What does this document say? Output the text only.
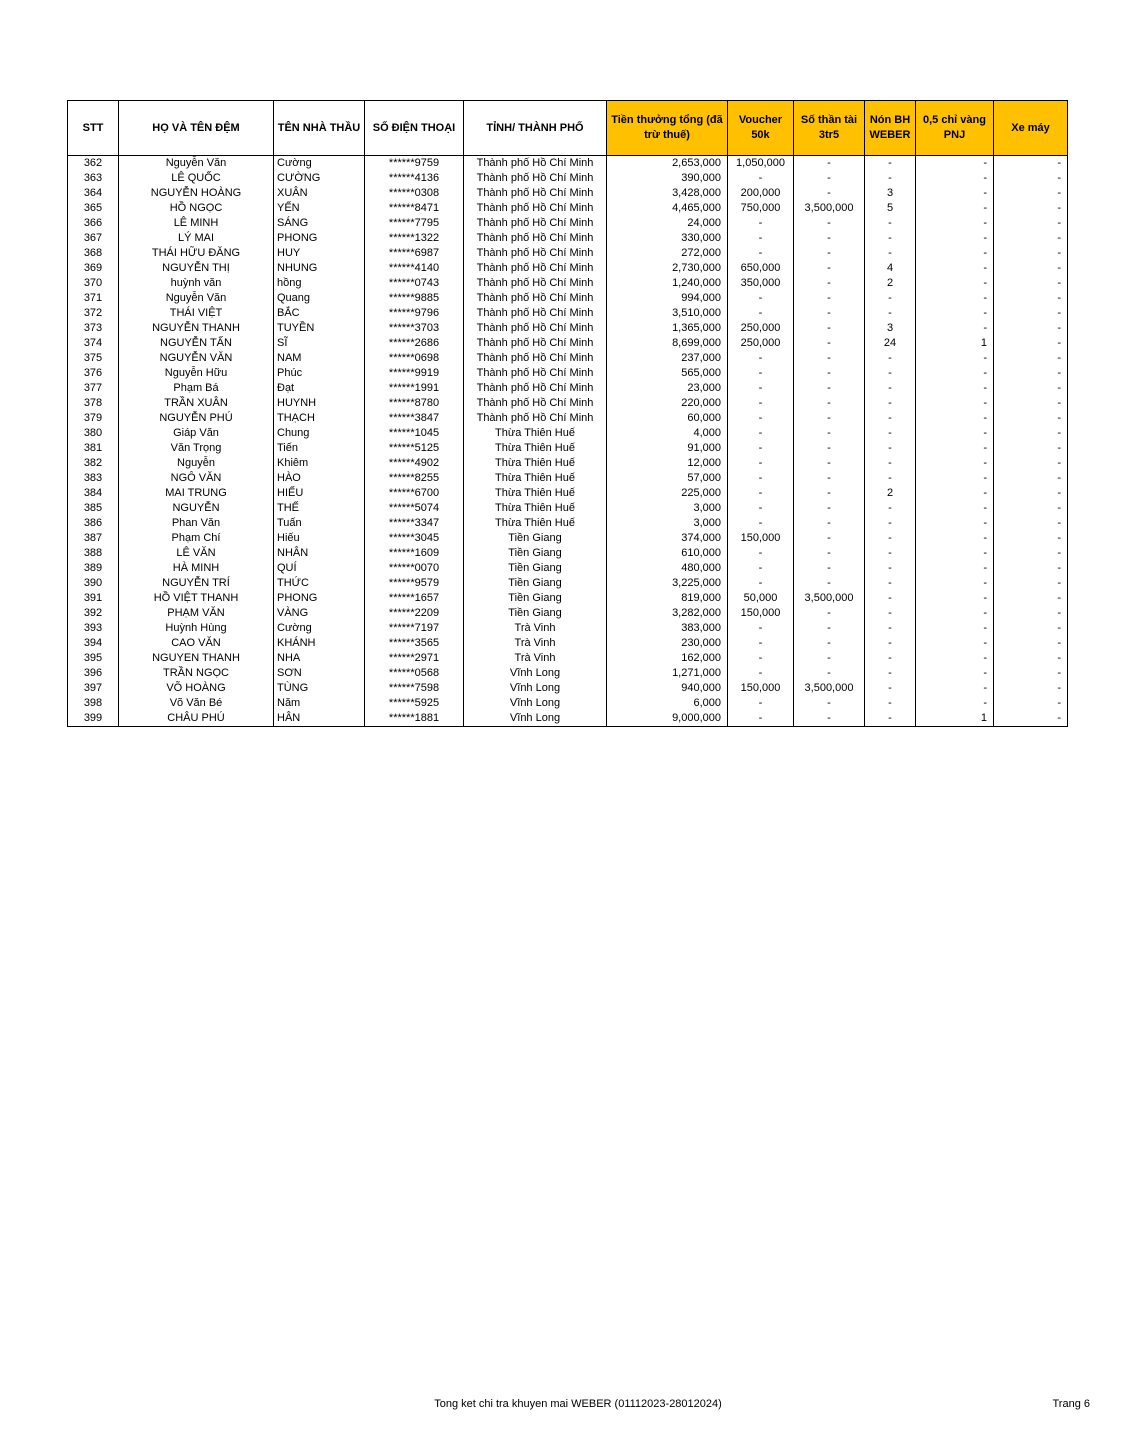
STT	HỌ VÀ TÊN ĐỆM	TÊN NHÀ THẦU	SỐ ĐIỆN THOẠI	TỈNH/ THÀNH PHỐ	Tiền thưởng tổng (đã trừ thuế)	Voucher 50k	Số thần tài 3tr5	Nón BH WEBER	0,5 chỉ vàng PNJ	Xe máy
362	Nguyễn Văn	Cường	******9759	Thành phố Hồ Chí Minh	2,653,000	1,050,000	-	-	-	-
363	LÊ QUỐC	CƯỜNG	******4136	Thành phố Hồ Chí Minh	390,000	-	-	-	-	-
364	NGUYỄN HOÀNG	XUÂN	******0308	Thành phố Hồ Chí Minh	3,428,000	200,000	-	3	-	-
365	HỒ NGỌC	YẾN	******8471	Thành phố Hồ Chí Minh	4,465,000	750,000	3,500,000	5	-	-
366	LÊ MINH	SÁNG	******7795	Thành phố Hồ Chí Minh	24,000	-	-	-	-	-
367	LÝ MAI	PHONG	******1322	Thành phố Hồ Chí Minh	330,000	-	-	-	-	-
368	THÁI HỮU ĐĂNG	HUY	******6987	Thành phố Hồ Chí Minh	272,000	-	-	-	-	-
369	NGUYỄN THỊ	NHUNG	******4140	Thành phố Hồ Chí Minh	2,730,000	650,000	-	4	-	-
370	huỳnh văn	hồng	******0743	Thành phố Hồ Chí Minh	1,240,000	350,000	-	2	-	-
371	Nguyễn Văn	Quang	******9885	Thành phố Hồ Chí Minh	994,000	-	-	-	-	-
372	THÁI VIỆT	BẮC	******9796	Thành phố Hồ Chí Minh	3,510,000	-	-	-	-	-
373	NGUYỄN THANH	TUYỀN	******3703	Thành phố Hồ Chí Minh	1,365,000	250,000	-	3	-	-
374	NGUYỄN TẤN	SĨ	******2686	Thành phố Hồ Chí Minh	8,699,000	250,000	-	24	1	-
375	NGUYỄN VĂN	NAM	******0698	Thành phố Hồ Chí Minh	237,000	-	-	-	-	-
376	Nguyễn Hữu	Phúc	******9919	Thành phố Hồ Chí Minh	565,000	-	-	-	-	-
377	Phạm Bá	Đạt	******1991	Thành phố Hồ Chí Minh	23,000	-	-	-	-	-
378	TRẦN XUÂN	HUYNH	******8780	Thành phố Hồ Chí Minh	220,000	-	-	-	-	-
379	NGUYỄN PHÚ	THẠCH	******3847	Thành phố Hồ Chí Minh	60,000	-	-	-	-	-
380	Giáp Văn	Chung	******1045	Thừa Thiên Huế	4,000	-	-	-	-	-
381	Văn Trọng	Tiến	******5125	Thừa Thiên Huế	91,000	-	-	-	-	-
382	Nguyễn	Khiêm	******4902	Thừa Thiên Huế	12,000	-	-	-	-	-
383	NGÔ VĂN	HÀO	******8255	Thừa Thiên Huế	57,000	-	-	-	-	-
384	MAI TRUNG	HIẾU	******6700	Thừa Thiên Huế	225,000	-	-	2	-	-
385	NGUYỄN	THẾ	******5074	Thừa Thiên Huế	3,000	-	-	-	-	-
386	Phan Văn	Tuấn	******3347	Thừa Thiên Huế	3,000	-	-	-	-	-
387	Phạm Chí	Hiếu	******3045	Tiền Giang	374,000	150,000	-	-	-	-
388	LÊ VĂN	NHÂN	******1609	Tiền Giang	610,000	-	-	-	-	-
389	HÀ MINH	QUÍ	******0070	Tiền Giang	480,000	-	-	-	-	-
390	NGUYỄN TRÍ	THỨC	******9579	Tiền Giang	3,225,000	-	-	-	-	-
391	HỒ VIỆT THANH	PHONG	******1657	Tiền Giang	819,000	50,000	3,500,000	-	-	-
392	PHẠM VĂN	VÀNG	******2209	Tiền Giang	3,282,000	150,000	-	-	-	-
393	Huỳnh Hùng	Cường	******7197	Trà Vinh	383,000	-	-	-	-	-
394	CAO VĂN	KHÁNH	******3565	Trà Vinh	230,000	-	-	-	-	-
395	NGUYEN THANH	NHA	******2971	Trà Vinh	162,000	-	-	-	-	-
396	TRẦN NGỌC	SƠN	******0568	Vĩnh Long	1,271,000	-	-	-	-	-
397	VÕ HOÀNG	TÙNG	******7598	Vĩnh Long	940,000	150,000	3,500,000	-	-	-
398	Võ Văn Bé	Năm	******5925	Vĩnh Long	6,000	-	-	-	-	-
399	CHÂU PHÚ	HÂN	******1881	Vĩnh Long	9,000,000	-	-	-	1	-
Tong ket chi tra khuyen mai WEBER (01112023-28012024)	Trang 6
